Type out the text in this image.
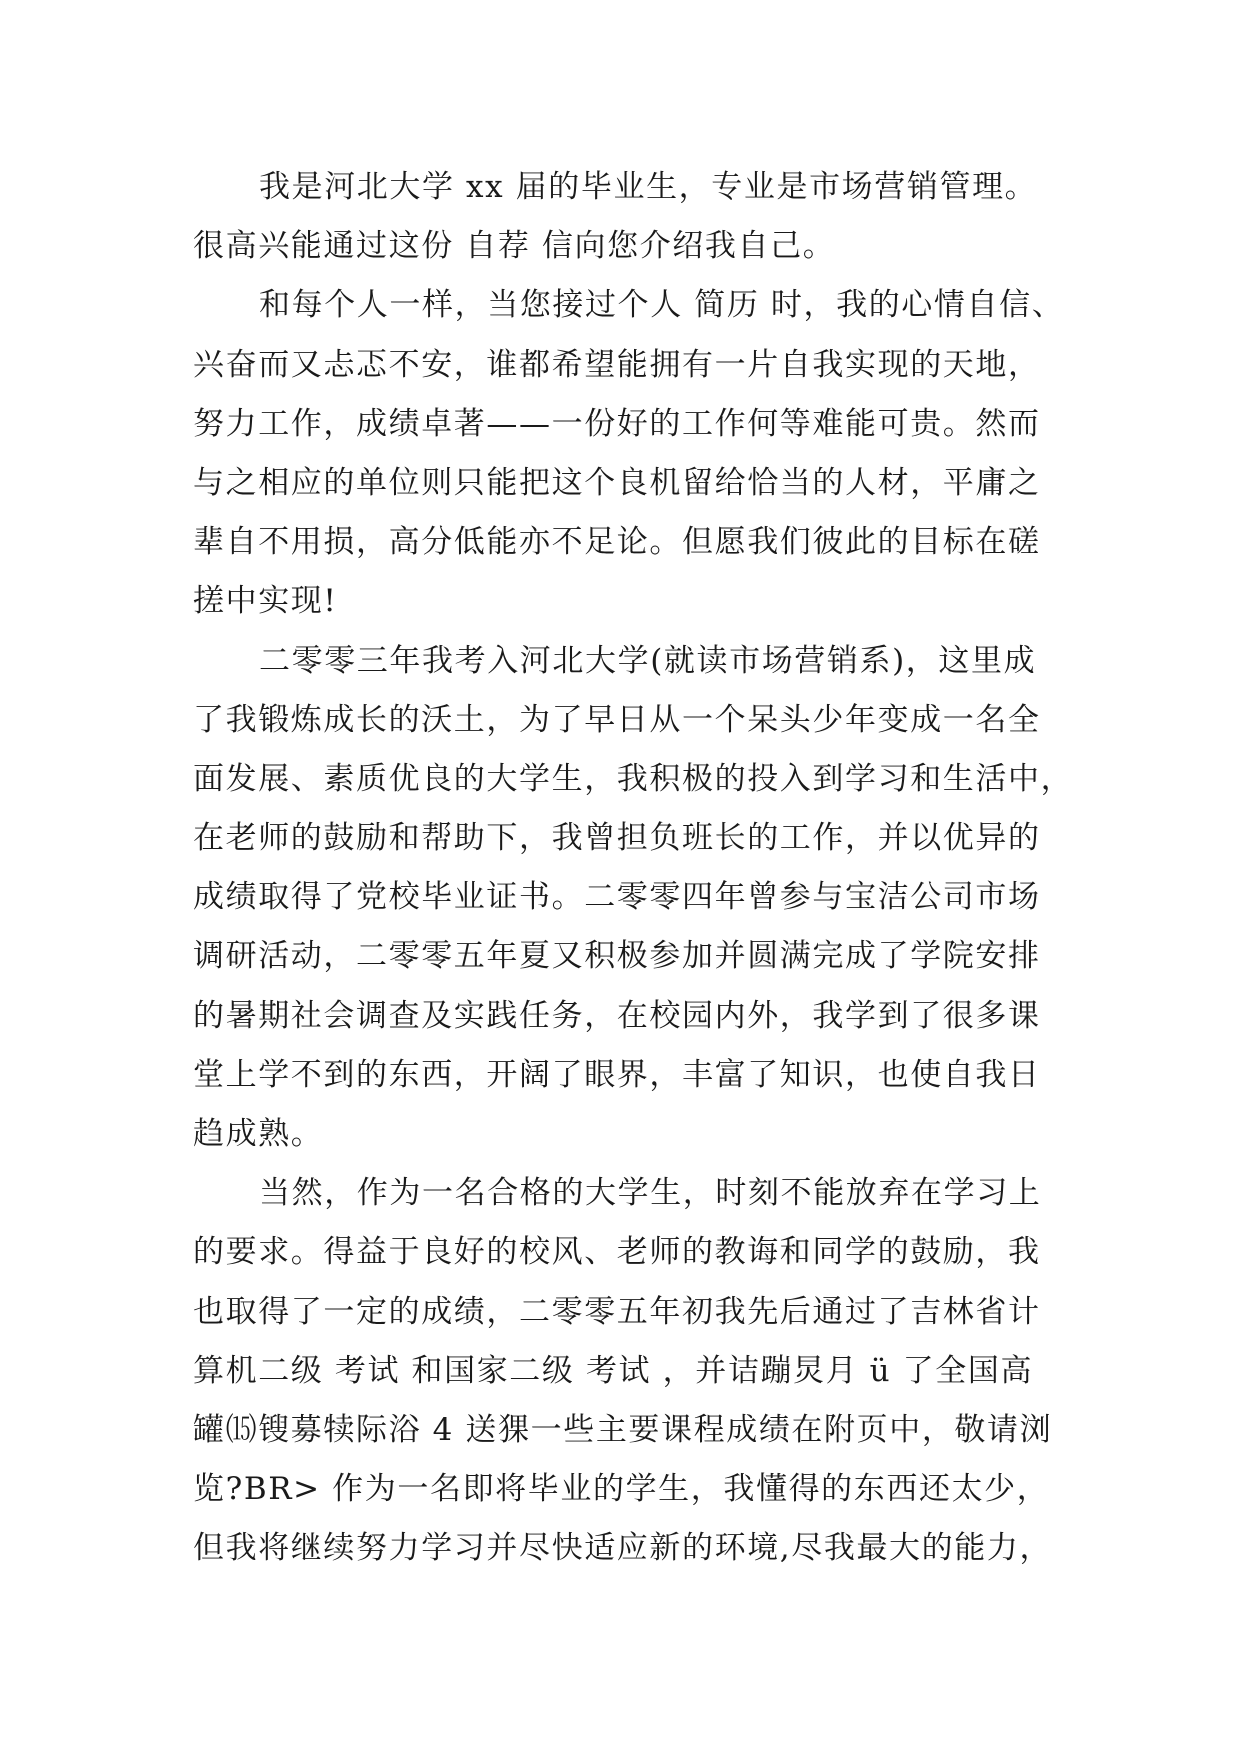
我是河北大学 xx 届的毕业生，专业是市场营销管理。
很高兴能通过这份 自荐 信向您介绍我自己。
和每个人一样，当您接过个人 简历 时，我的心情自信、
兴奋而又忐忑不安，谁都希望能拥有一片自我实现的天地，
努力工作，成绩卓著——一份好的工作何等难能可贵。然而
与之相应的单位则只能把这个良机留给恰当的人材，平庸之
辈自不用损，高分低能亦不足论。但愿我们彼此的目标在磋
搓中实现!
二零零三年我考入河北大学(就读市场营销系)，这里成
了我锻炼成长的沃土，为了早日从一个呆头少年变成一名全
面发展、素质优良的大学生，我积极的投入到学习和生活中，
在老师的鼓励和帮助下，我曾担负班长的工作，并以优异的
成绩取得了党校毕业证书。二零零四年曾参与宝洁公司市场
调研活动，二零零五年夏又积极参加并圆满完成了学院安排
的暑期社会调查及实践任务，在校园内外，我学到了很多课
堂上学不到的东西，开阔了眼界，丰富了知识，也使自我日
趋成熟。
当然，作为一名合格的大学生，时刻不能放弃在学习上
的要求。得益于良好的校风、老师的教诲和同学的鼓励，我
也取得了一定的成绩，二零零五年初我先后通过了吉林省计
算机二级 考试 和国家二级 考试 ，并诘蹦炅月 ü 了全国高
罐⒂锼募犊际浴 4 送猓一些主要课程成绩在附页中，敬请浏
览?BR> 作为一名即将毕业的学生，我懂得的东西还太少，
但我将继续努力学习并尽快适应新的环境,尽我最大的能力，
